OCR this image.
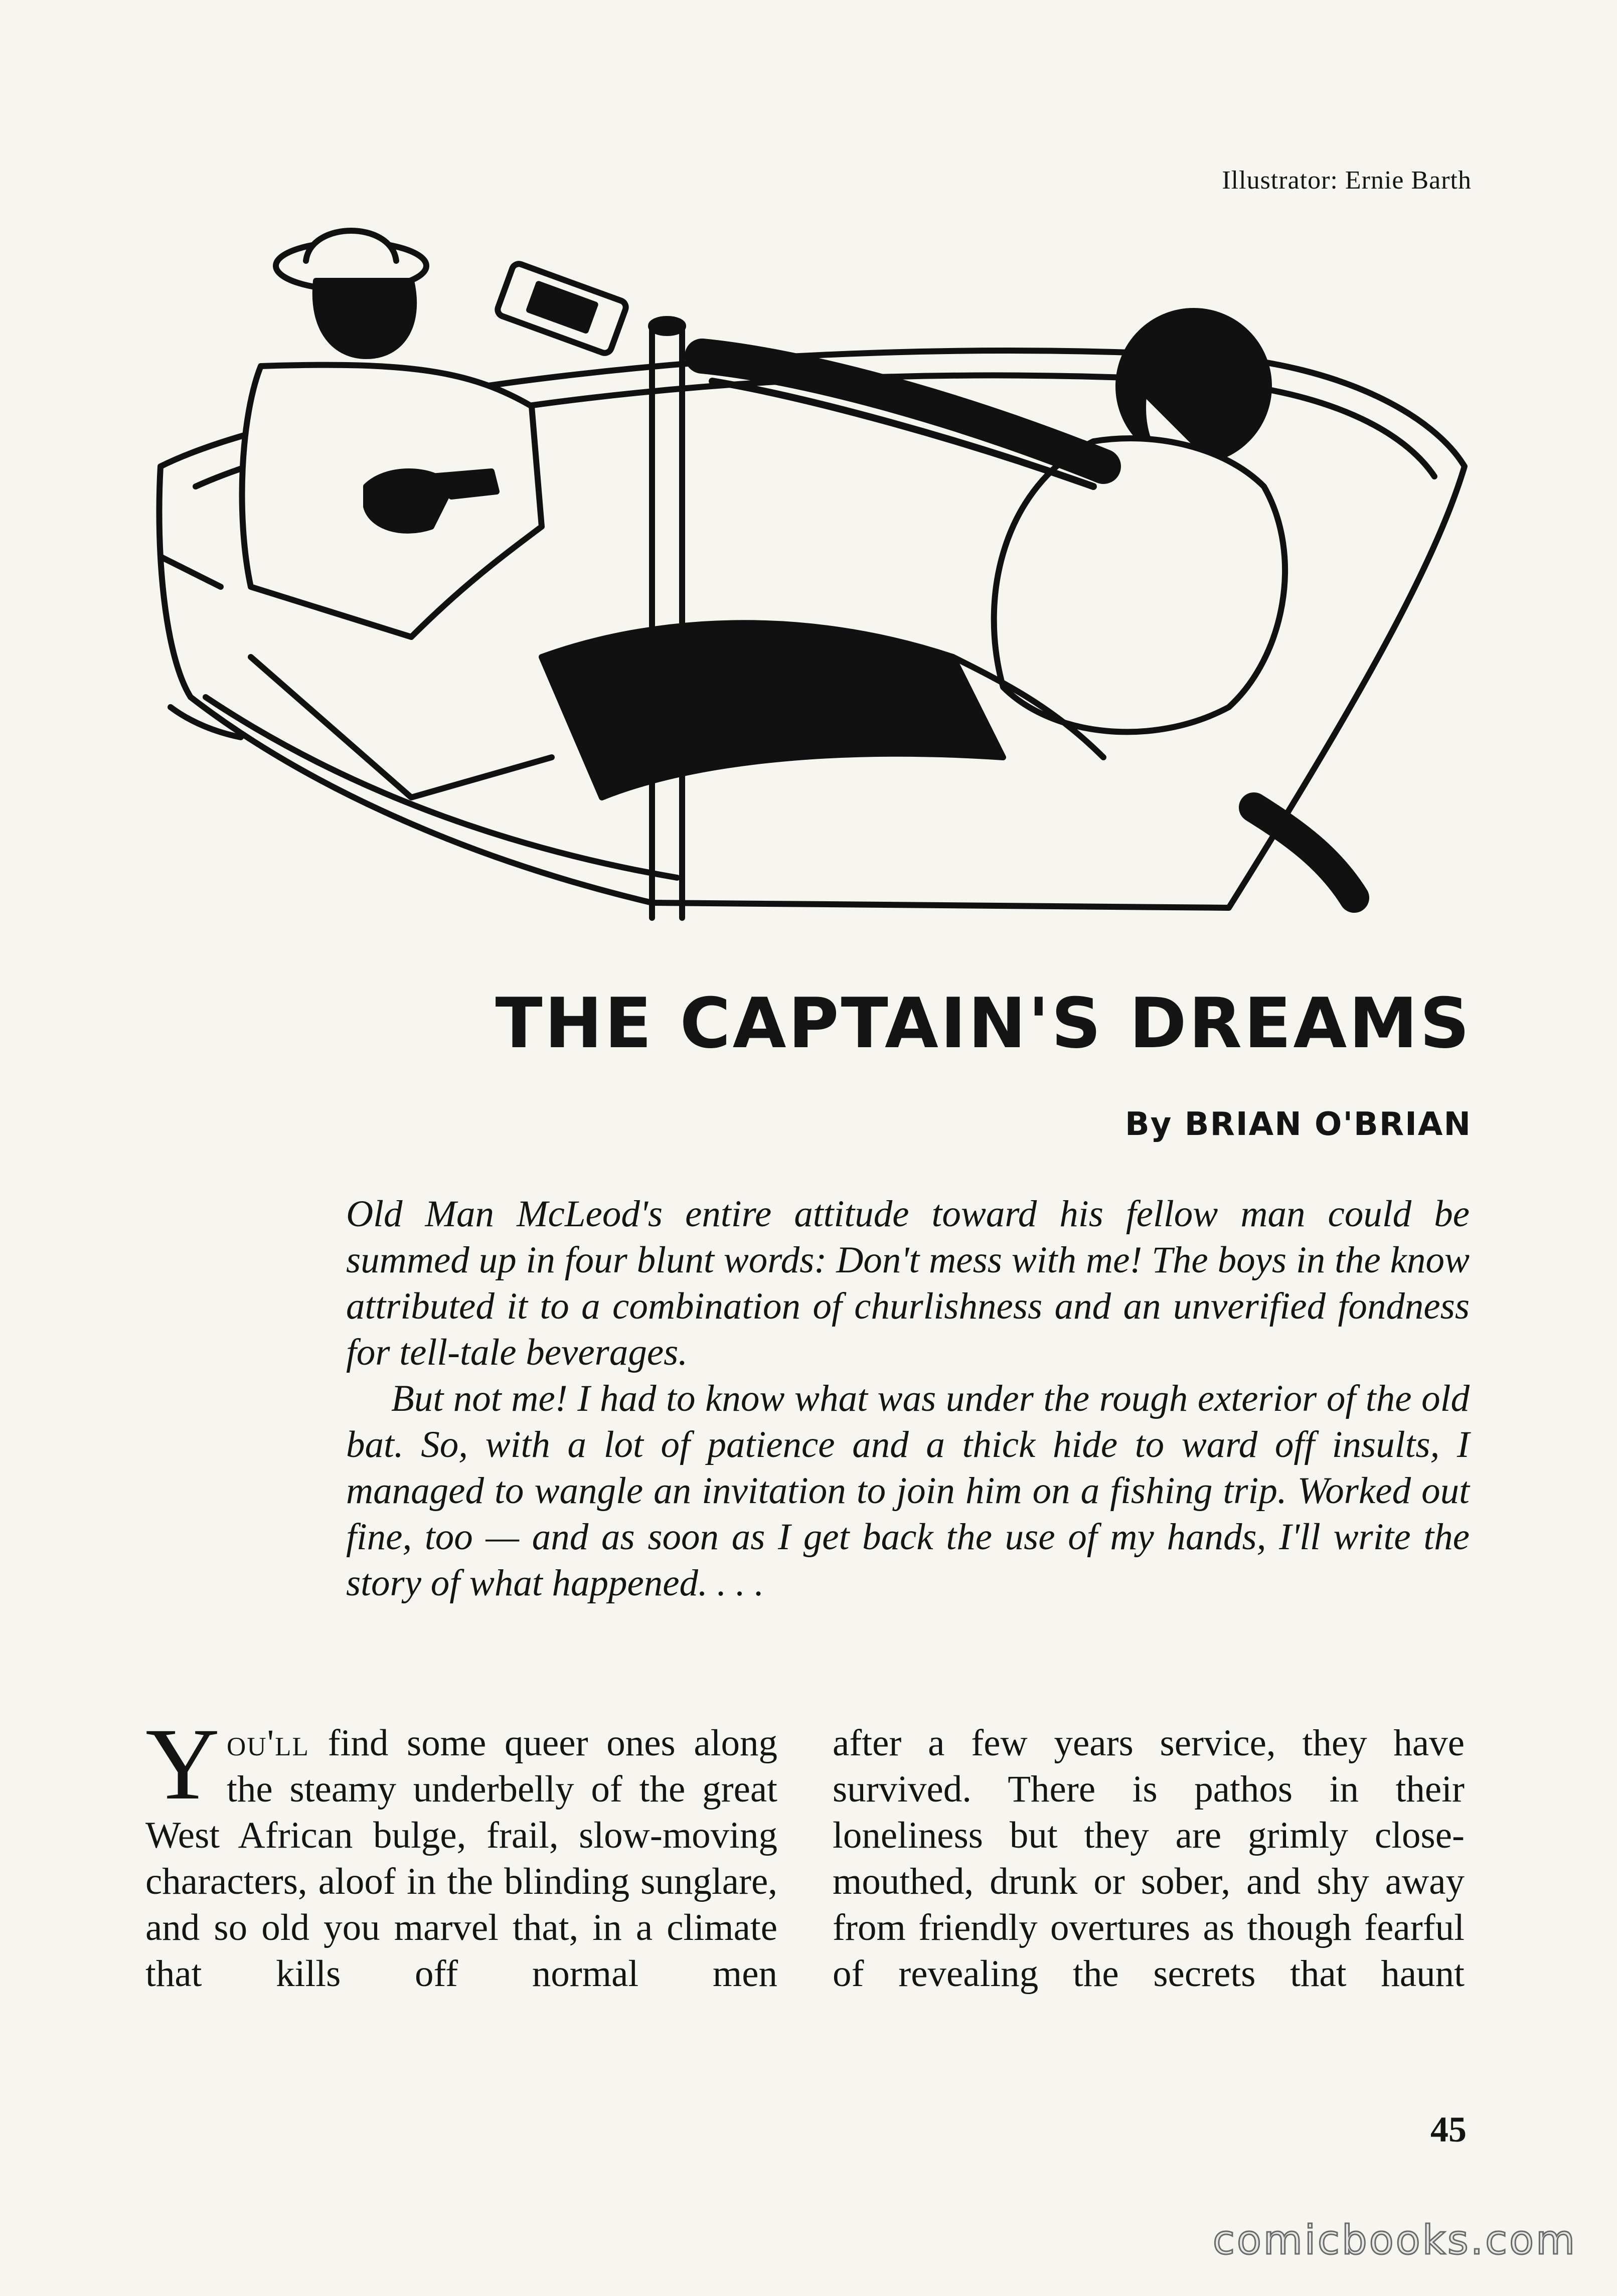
Illustrator: Ernie Barth
THE CAPTAIN'S DREAMS
By BRIAN O'BRIAN

Old Man McLeod's entire attitude toward his fellow man could be summed up in four blunt words: Don't mess with me! The boys in the know attributed it to a combination of churlishness and an unverified fondness for tell-tale beverages.

But not me! I had to know what was under the rough exterior of the old bat. So, with a lot of patience and a thick hide to ward off insults, I managed to wangle an invitation to join him on a fishing trip. Worked out fine, too — and as soon as I get back the use of my hands, I'll write the story of what happened. . . .

You'll find some queer ones along the steamy underbelly of the great West African bulge, frail, slow-moving characters, aloof in the blinding sunglare, and so old you marvel that, in a climate that kills off normal men
after a few years service, they have survived. There is pathos in their loneliness but they are grimly close-mouthed, drunk or sober, and shy away from friendly overtures as though fearful of revealing the secrets that haunt
45
comicbooks.com
